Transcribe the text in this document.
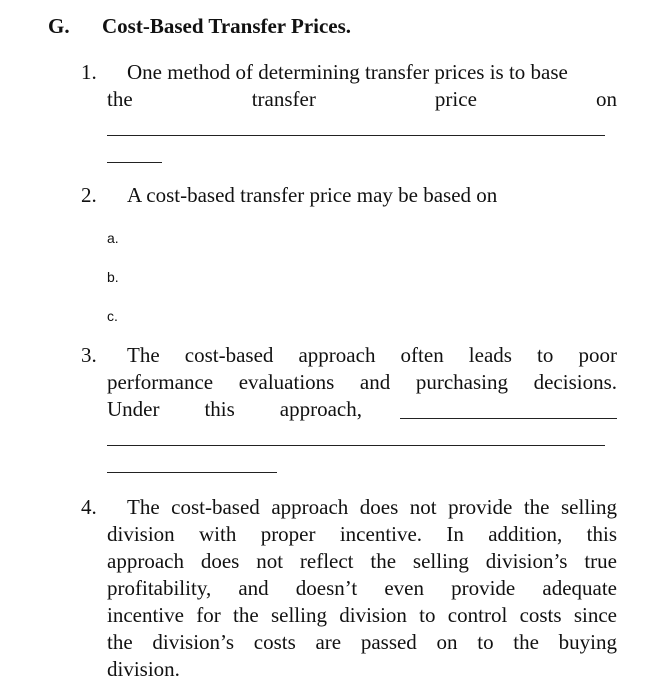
G. Cost-Based Transfer Prices.
1. One method of determining transfer prices is to base
the	transfer	price	on
2. A cost-based transfer price may be based on
a.
b.
c.
3. The cost-based approach often leads to poor
performance evaluations and purchasing decisions.
Under this approach,
4. The cost-based approach does not provide the selling
division with proper incentive. In addition, this
approach does not reflect the selling division’s true
profitability, and doesn’t even provide adequate
incentive for the selling division to control costs since
the division’s costs are passed on to the buying
division.
